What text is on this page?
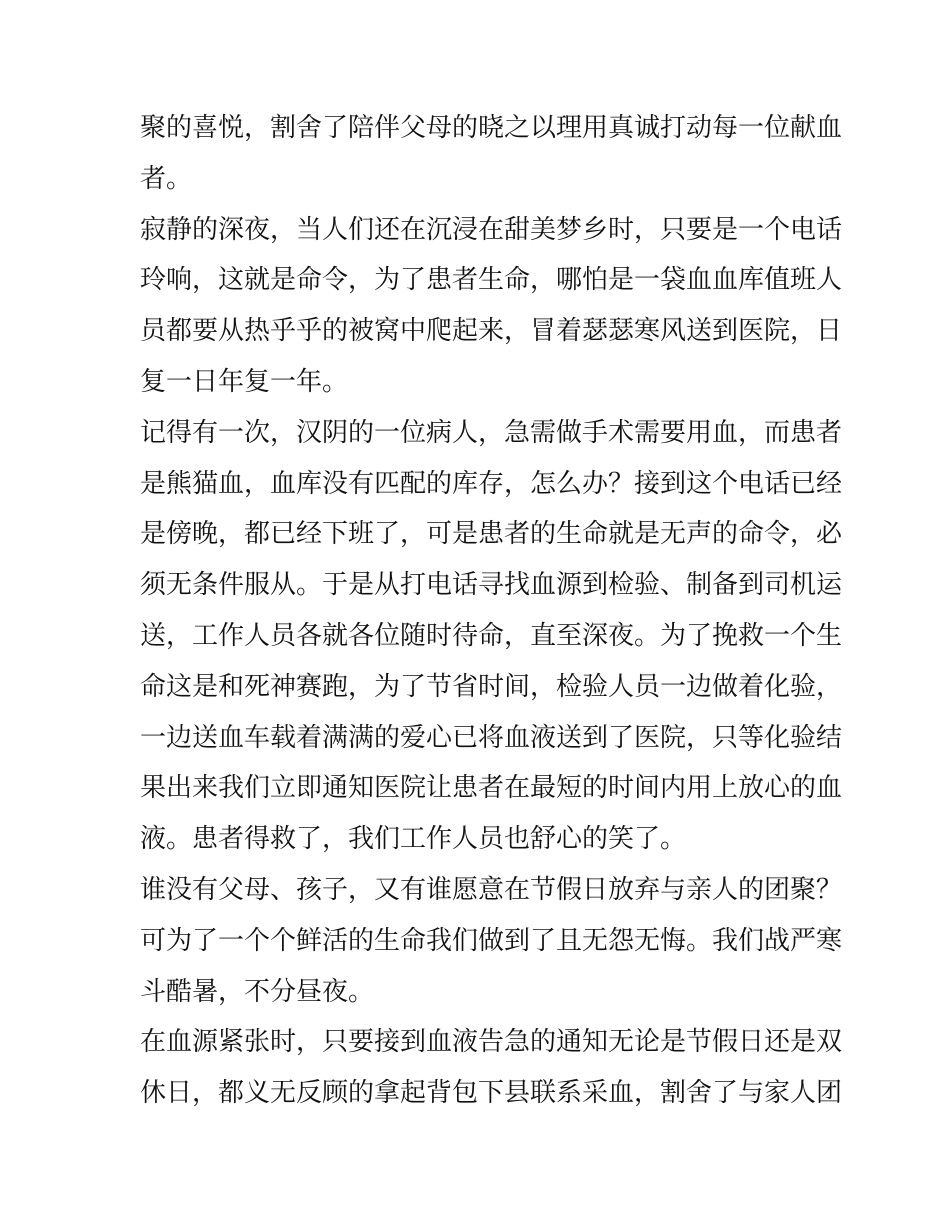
聚的喜悦，割舍了陪伴父母的晓之以理用真诚打动每一位献血
者。
寂静的深夜，当人们还在沉浸在甜美梦乡时，只要是一个电话
玲响，这就是命令，为了患者生命，哪怕是一袋血血库值班人
员都要从热乎乎的被窝中爬起来，冒着瑟瑟寒风送到医院，日
复一日年复一年。
记得有一次，汉阴的一位病人，急需做手术需要用血，而患者
是熊猫血，血库没有匹配的库存，怎么办？接到这个电话已经
是傍晚，都已经下班了，可是患者的生命就是无声的命令，必
须无条件服从。于是从打电话寻找血源到检验、制备到司机运
送，工作人员各就各位随时待命，直至深夜。为了挽救一个生
命这是和死神赛跑，为了节省时间，检验人员一边做着化验，
一边送血车载着满满的爱心已将血液送到了医院，只等化验结
果出来我们立即通知医院让患者在最短的时间内用上放心的血
液。患者得救了，我们工作人员也舒心的笑了。
谁没有父母、孩子，又有谁愿意在节假日放弃与亲人的团聚？
可为了一个个鲜活的生命我们做到了且无怨无悔。我们战严寒
斗酷暑，不分昼夜。
在血源紧张时，只要接到血液告急的通知无论是节假日还是双
休日，都义无反顾的拿起背包下县联系采血，割舍了与家人团
